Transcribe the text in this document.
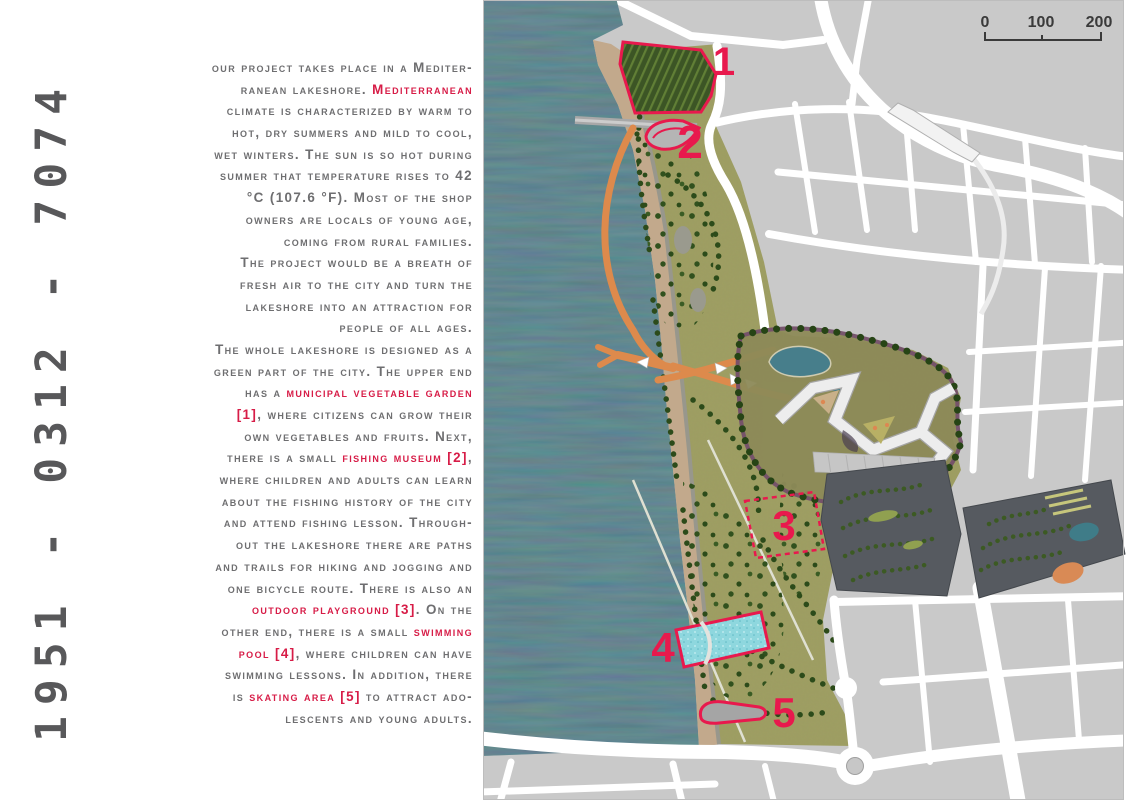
1951 - 0312 - 7074
our project takes place in a Mediter-
ranean lakeshore. Mediterranean
climate is characterized by warm to
hot, dry summers and mild to cool,
wet winters. The sun is so hot during
summer that temperature rises to 42
°C (107.6 °F). Most of the shop
owners are locals of young age,
coming from rural families.
The project would be a breath of
fresh air to the city and turn the
lakeshore into an attraction for
people of all ages.
The whole lakeshore is designed as a
green part of the city. The upper end
has a municipal vegetable garden
[1], where citizens can grow their
own vegetables and fruits. Next,
there is a small fishing museum [2],
where children and adults can learn
about the fishing history of the city
and attend fishing lesson. Through-
out the lakeshore there are paths
and trails for hiking and jogging and
one bicycle route. There is also an
outdoor playground [3]. On the
other end, there is a small swimming
pool [4], where children can have
swimming lessons. In addition, there
is skating area [5] to attract ado-
lescents and young adults.
1
2
3
4
5
0 100 200
